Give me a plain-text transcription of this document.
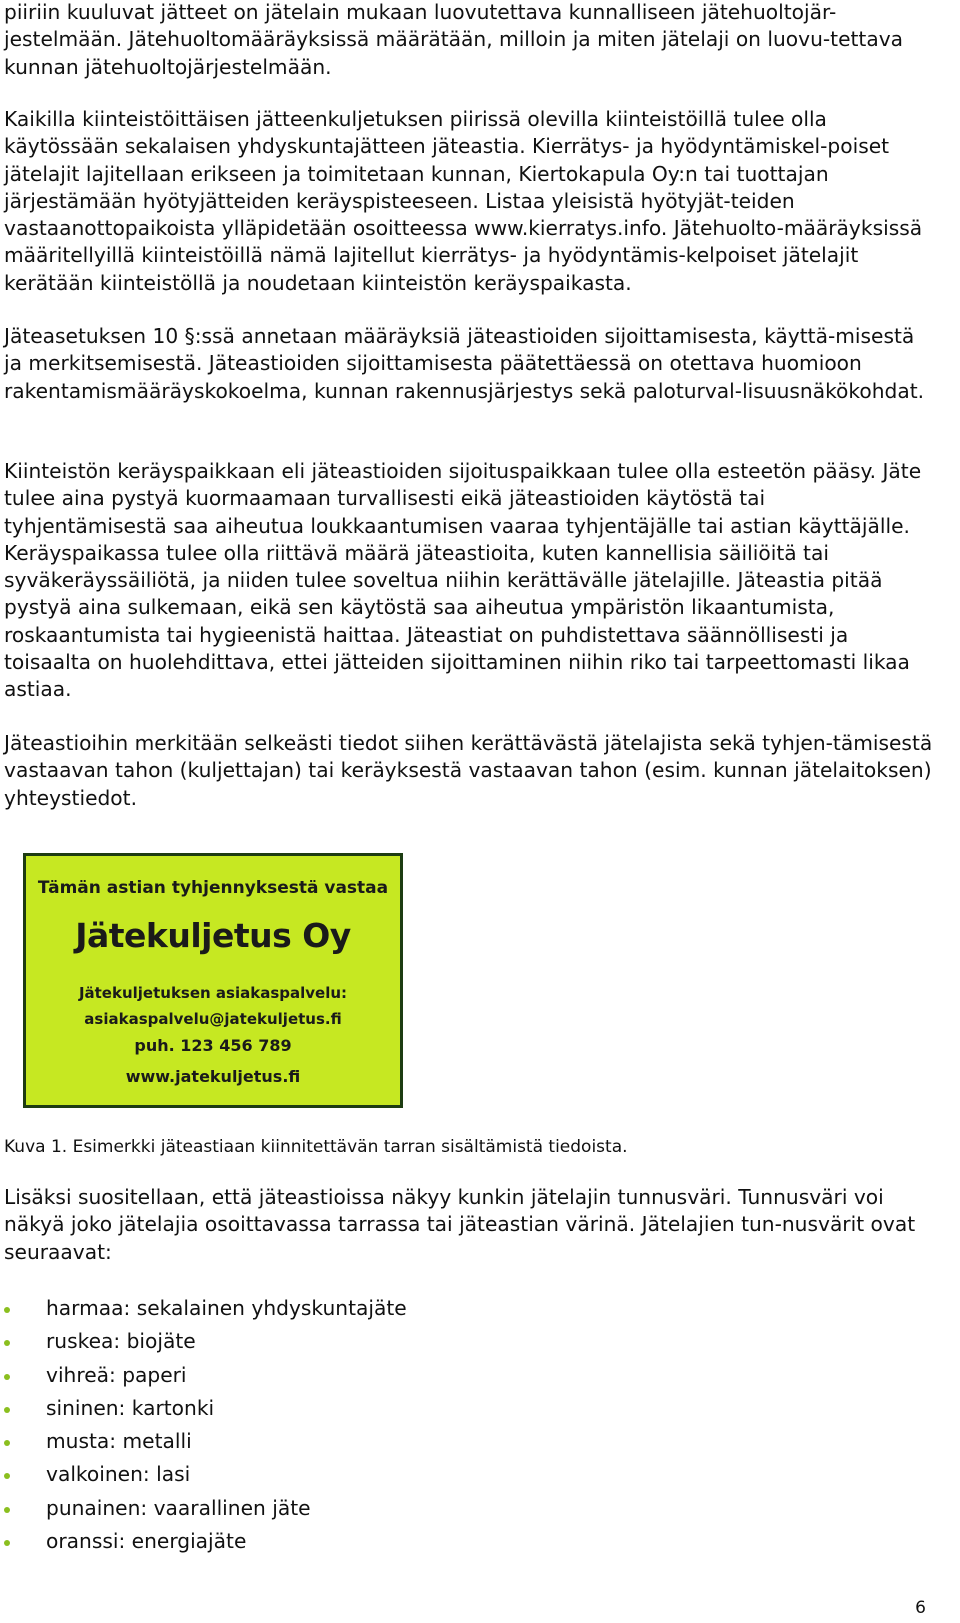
piiriin kuuluvat jätteet on jätelain mukaan luovutettava kunnalliseen jätehuoltojär-jestelmään. Jätehuoltomääräyksissä määrätään, milloin ja miten jätelaji on luovu-tettava kunnan jätehuoltojärjestelmään.

Kaikilla kiinteistöittäisen jätteenkuljetuksen piirissä olevilla kiinteistöillä tulee olla käytössään sekalaisen yhdyskuntajätteen jäteastia. Kierrätys- ja hyödyntämiskel-poiset jätelajit lajitellaan erikseen ja toimitetaan kunnan, Kiertokapula Oy:n tai tuottajan järjestämään hyötyjätteiden keräyspisteeseen. Listaa yleisistä hyötyjät-teiden vastaanottopaikoista ylläpidetään osoitteessa www.kierratys.info. Jätehuolto-määräyksissä määritellyillä kiinteistöillä nämä lajitellut kierrätys- ja hyödyntämis-kelpoiset jätelajit kerätään kiinteistöllä ja noudetaan kiinteistön keräyspaikasta.

Jäteasetuksen 10 §:ssä annetaan määräyksiä jäteastioiden sijoittamisesta, käyttä-misestä ja merkitsemisestä. Jäteastioiden sijoittamisesta päätettäessä on otettava huomioon rakentamismääräyskokoelma, kunnan rakennusjärjestys sekä paloturval-lisuusnäkökohdat.

Kiinteistön keräyspaikkaan eli jäteastioiden sijoituspaikkaan tulee olla esteetön pääsy. Jäte tulee aina pystyä kuormaamaan turvallisesti eikä jäteastioiden käytöstä tai tyhjentämisestä saa aiheutua loukkaantumisen vaaraa tyhjentäjälle tai astian käyttäjälle. Keräyspaikassa tulee olla riittävä määrä jäteastioita, kuten kannellisia säiliöitä tai syväkeräyssäiliötä, ja niiden tulee soveltua niihin kerättävälle jätelajille. Jäteastia pitää pystyä aina sulkemaan, eikä sen käytöstä saa aiheutua ympäristön likaantumista, roskaantumista tai hygieenistä haittaa. Jäteastiat on puhdistettava säännöllisesti ja toisaalta on huolehdittava, ettei jätteiden sijoittaminen niihin riko tai tarpeettomasti likaa astiaa.

Jäteastioihin merkitään selkeästi tiedot siihen kerättävästä jätelajista sekä tyhjen-tämisestä vastaavan tahon (kuljettajan) tai keräyksestä vastaavan tahon (esim. kunnan jätelaitoksen) yhteystiedot.

Tämän astian tyhjennyksestä vastaa
Jätekuljetus Oy
Jätekuljetuksen asiakaspalvelu:
asiakaspalvelu@jatekuljetus.fi
puh. 123 456 789
www.jatekuljetus.fi
Kuva 1. Esimerkki jäteastiaan kiinnitettävän tarran sisältämistä tiedoista.

Lisäksi suositellaan, että jäteastioissa näkyy kunkin jätelajin tunnusväri. Tunnusväri voi näkyä joko jätelajia osoittavassa tarrassa tai jäteastian värinä. Jätelajien tun-nusvärit ovat seuraavat:

harmaa: sekalainen yhdyskuntajäte
ruskea: biojäte
vihreä: paperi
sininen: kartonki
musta: metalli
valkoinen: lasi
punainen: vaarallinen jäte
oranssi: energiajäte
6
